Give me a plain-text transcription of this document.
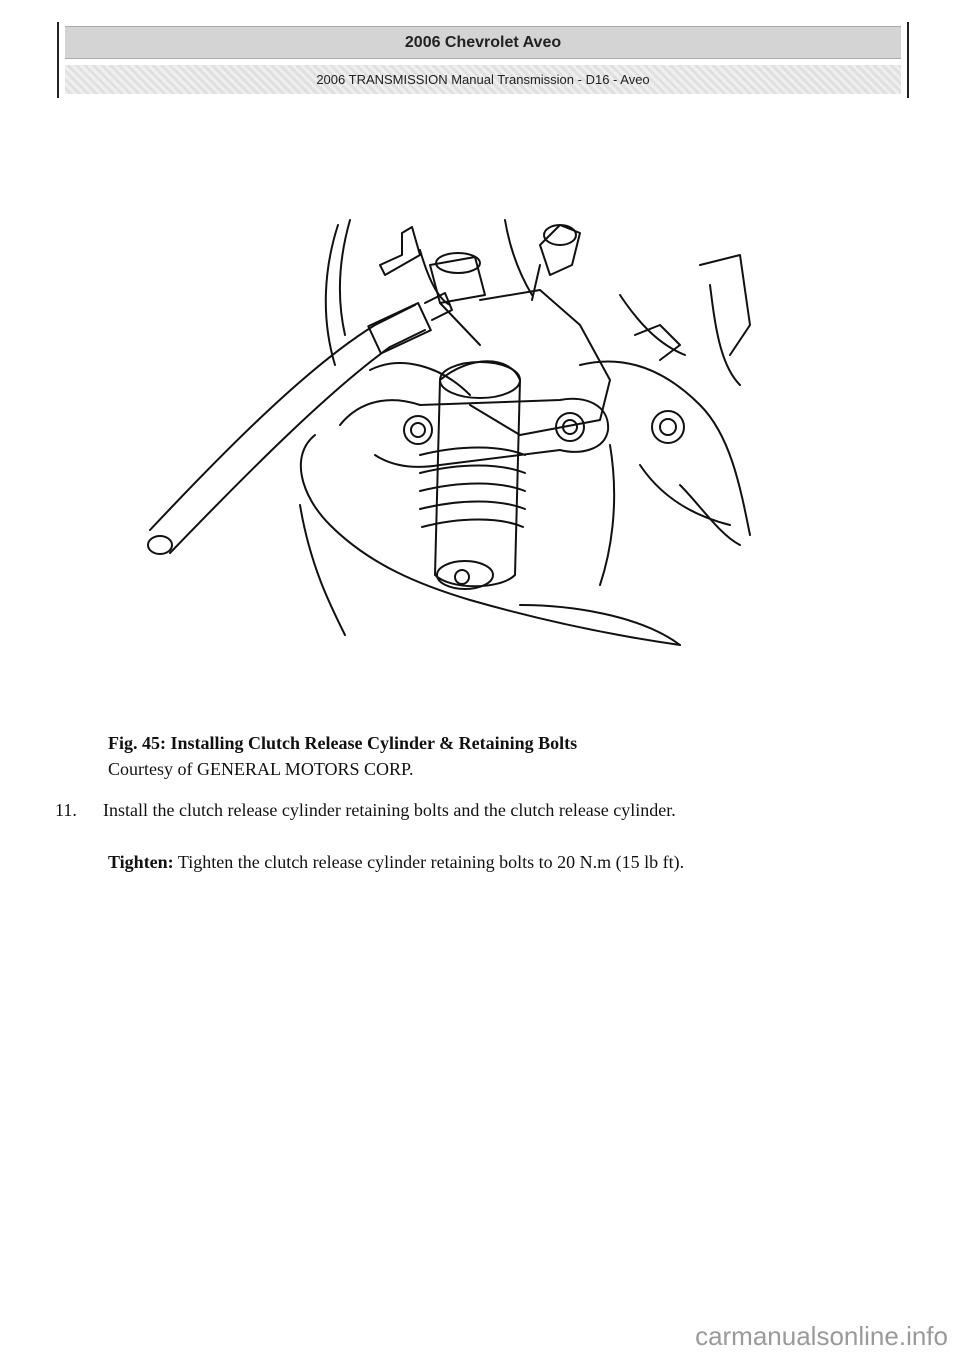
2006 Chevrolet Aveo
2006 TRANSMISSION Manual Transmission - D16 - Aveo
Fig. 45: Installing Clutch Release Cylinder & Retaining Bolts
Courtesy of GENERAL MOTORS CORP.
11. Install the clutch release cylinder retaining bolts and the clutch release cylinder.
Tighten: Tighten the clutch release cylinder retaining bolts to 20 N.m (15 lb ft).
carmanualsonline.info
